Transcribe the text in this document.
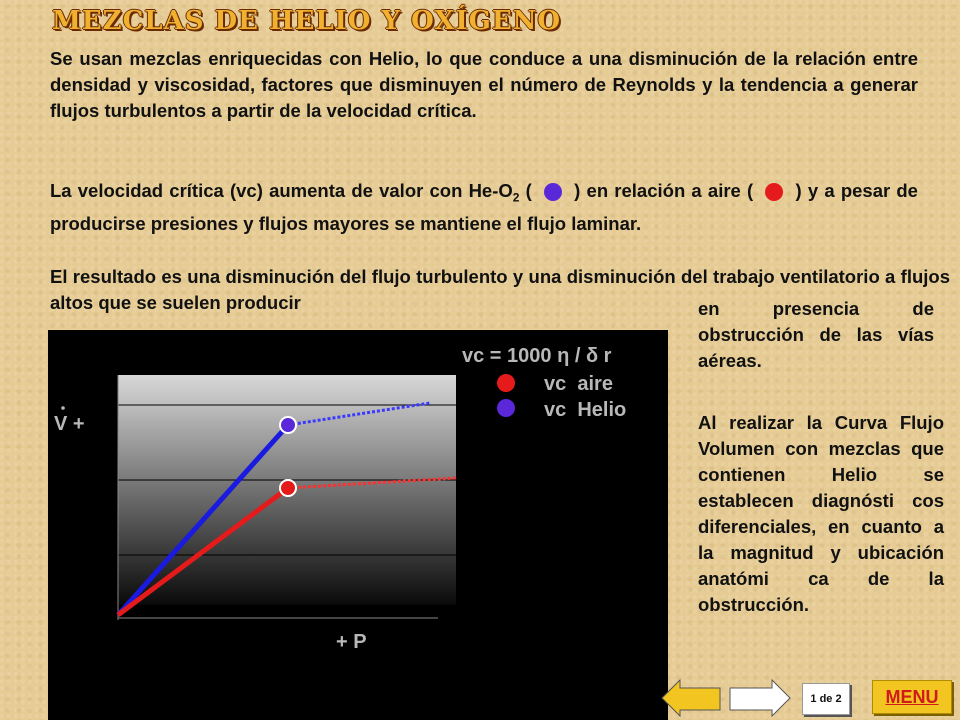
MEZCLAS DE HELIO Y OXÍGENO
Se usan mezclas enriquecidas con Helio, lo que conduce a una disminución de la relación entre densidad y viscosidad, factores que disminuyen el número de Reynolds y la tendencia a generar flujos turbulentos a partir de la velocidad crítica.
La velocidad crítica (vc) aumenta de valor con $He-O_2$ (  ) en relación a aire (  ) y a pesar de producirse presiones y flujos mayores se mantiene el flujo laminar.
El resultado es una disminución del flujo turbulento y una disminución del trabajo ventilatorio a flujos altos que se suelen producir	en presencia de obstrucción de las vías aéreas.
Al realizar la Curva Flujo Volumen con mezclas que contienen Helio se establecen diagnósti cos diferenciales, en cuanto a la magnitud y ubicación anatómi ca de la obstrucción.
vc = 1000 η / δ r
vc  aire
vc  Helio
V +
+ P
1 de 2	MENU
